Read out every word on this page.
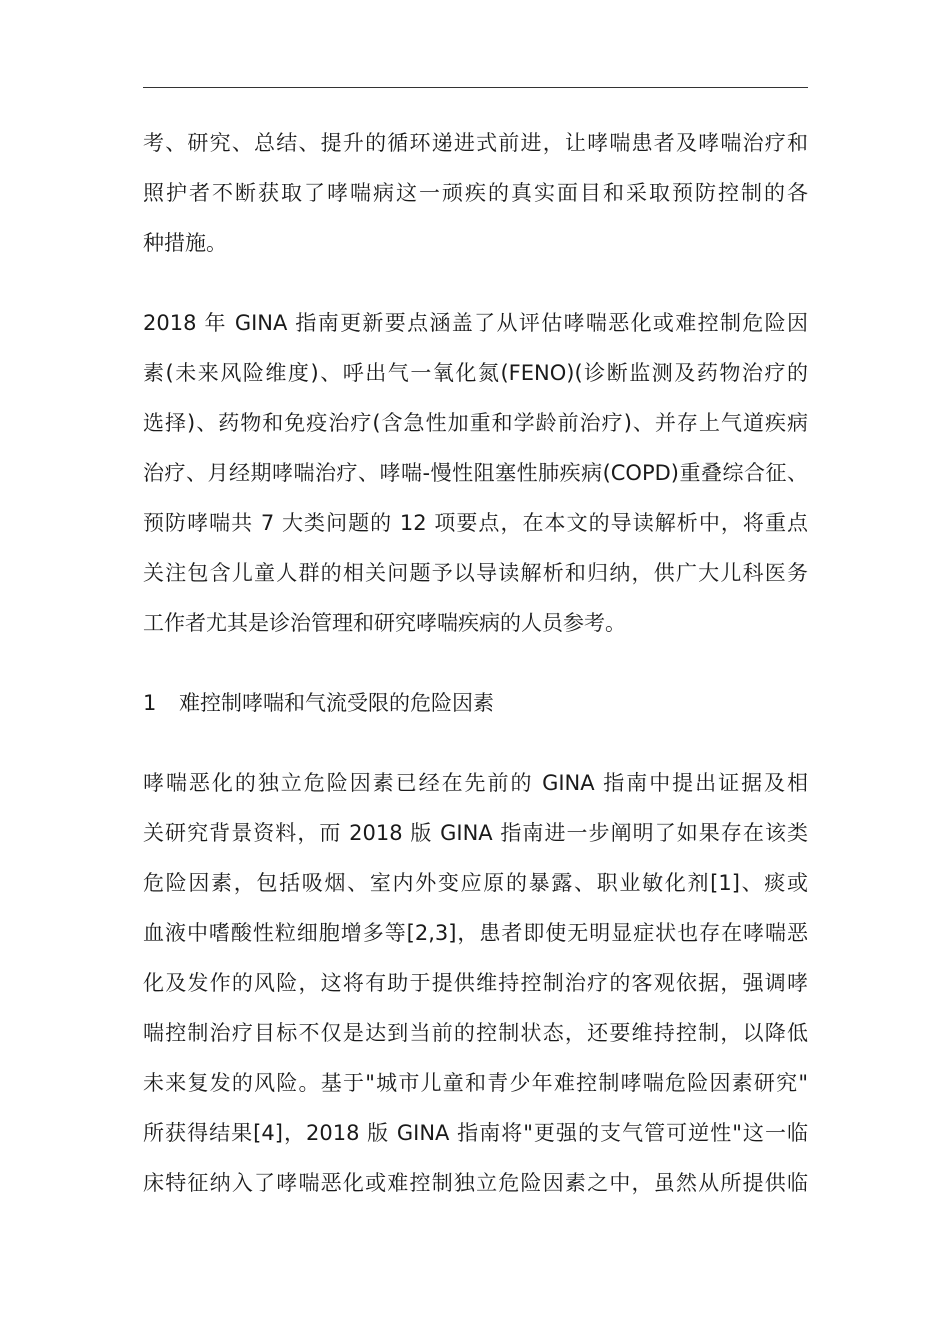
考、研究、总结、提升的循环递进式前进，让哮喘患者及哮喘治疗和
照护者不断获取了哮喘病这一顽疾的真实面目和采取预防控制的各
种措施。
2018 年 GINA 指南更新要点涵盖了从评估哮喘恶化或难控制危险因
素(未来风险维度)、呼出气一氧化氮(FENO)(诊断监测及药物治疗的
选择)、药物和免疫治疗(含急性加重和学龄前治疗)、并存上气道疾病
治疗、月经期哮喘治疗、哮喘-慢性阻塞性肺疾病(COPD)重叠综合征、
预防哮喘共 7 大类问题的 12 项要点，在本文的导读解析中，将重点
关注包含儿童人群的相关问题予以导读解析和归纳，供广大儿科医务
工作者尤其是诊治管理和研究哮喘疾病的人员参考。
1	难控制哮喘和气流受限的危险因素
哮喘恶化的独立危险因素已经在先前的 GINA 指南中提出证据及相
关研究背景资料，而 2018 版 GINA 指南进一步阐明了如果存在该类
危险因素，包括吸烟、室内外变应原的暴露、职业敏化剂[1]、痰或
血液中嗜酸性粒细胞增多等[2,3]，患者即使无明显症状也存在哮喘恶
化及发作的风险，这将有助于提供维持控制治疗的客观依据，强调哮
喘控制治疗目标不仅是达到当前的控制状态，还要维持控制，以降低
未来复发的风险。基于"城市儿童和青少年难控制哮喘危险因素研究"
所获得结果[4]，2018 版 GINA 指南将"更强的支气管可逆性"这一临
床特征纳入了哮喘恶化或难控制独立危险因素之中，虽然从所提供临
